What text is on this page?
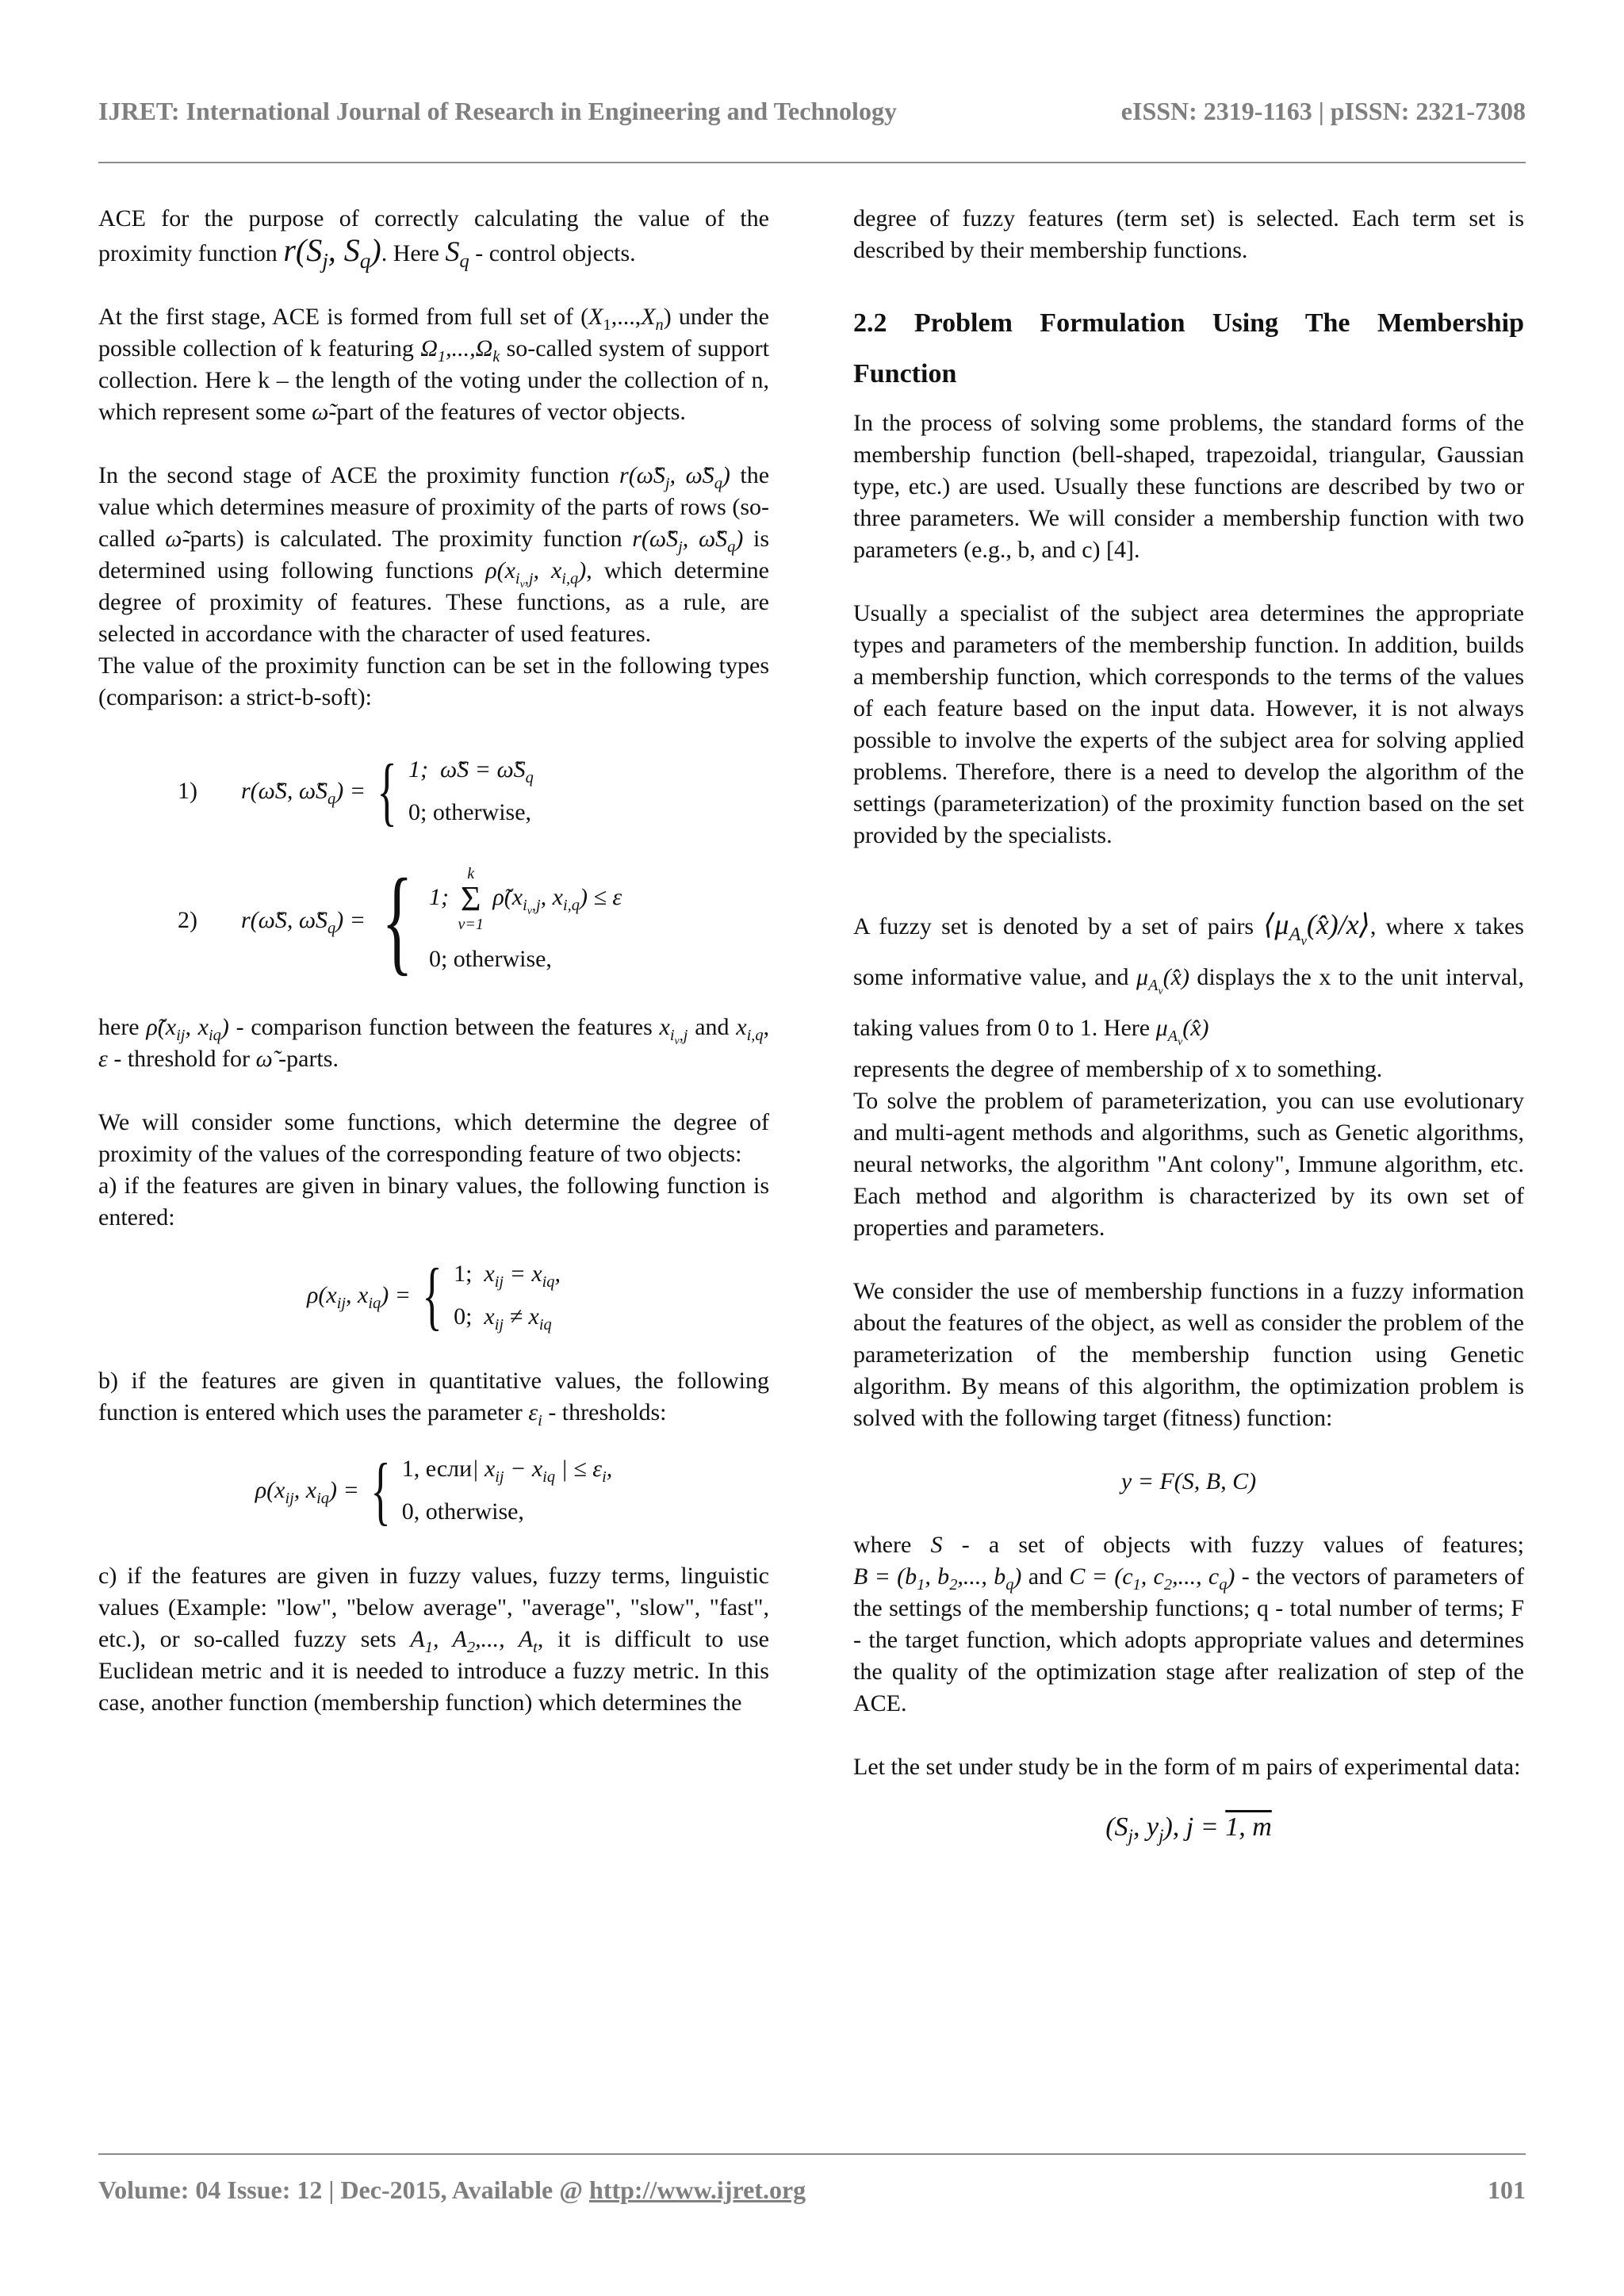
IJRET: International Journal of Research in Engineering and Technology	eISSN: 2319-1163 | pISSN: 2321-7308

ACE for the purpose of correctly calculating the value of the proximity function $r(S_j$, $S_q$). Here $S_q$ - control objects.

At the first stage, ACE is formed from full set of $(X_1,...,X_n)$ under the possible collection of k featuring $\Omega_1,...,\Omega_k$ so-called system of support collection. Here k – the length of the voting under the collection of n, which represent some ω̃-part of the features of vector objects.

In the second stage of ACE the proximity function $r(\omegãS_j$, $\omegãS_q$) the value which determines measure of proximity of the parts of rows (so-called ω̃-parts) is calculated. The proximity function $r(\omegãS_j$, $\omegãS_q$) is determined using following functions $\rho(x_{i_v,j}$, $x_{i,q}$), which determine degree of proximity of features. These functions, as a rule, are selected in accordance with the character of used features.

The value of the proximity function can be set in the following types (comparison: a strict-b-soft):

1)	r(ω̃S, $\omegãS_q$) = { 1;  ω̃S = $\omegãS_q$
0; otherwise,
2)	r(ω̃S, $\omegãS_q$) = { 1;
k
Σ
v=1
$\rhõ(x_{i_v,j}$, $x_{i,q}) \le \varepsilon$
0; otherwise,

here $\rhõ(x_{ij}$, $x_{iq}$) - comparison function between the features $x_{i_v,j}$ and $x_{i,q}$, ε - threshold for ω̃ -parts.

We will consider some functions, which determine the degree of proximity of the values of the corresponding feature of two objects:

a) if the features are given in binary values, the following function is entered:

$\rho(x_{ij}$, $x_{iq}$) = { 1;  $x_{ij} = x_{iq}$,
0;  $x_{ij} \ne x_{iq}$

b) if the features are given in quantitative values, the following function is entered which uses the parameter $\varepsilon_i$ - thresholds:

$\rho(x_{ij}$, $x_{iq}$) = { 1, если| $x_{ij} - x_{iq}$ | ≤ $\varepsilon_i$,
0, otherwise,

c) if the features are given in fuzzy values, fuzzy terms, linguistic values (Example: "low", "below average", "average", "slow", "fast", etc.), or so-called fuzzy sets $A_1$, $A_2$,..., $A_t$, it is difficult to use Euclidean metric and it is needed to introduce a fuzzy metric. In this case, another function (membership function) which determines the

degree of fuzzy features (term set) is selected. Each term set is described by their membership functions.

2.2 Problem Formulation Using The Membership Function

In the process of solving some problems, the standard forms of the membership function (bell-shaped, trapezoidal, triangular, Gaussian type, etc.) are used. Usually these functions are described by two or three parameters. We will consider a membership function with two parameters (e.g., b, and c) [4].

Usually a specialist of the subject area determines the appropriate types and parameters of the membership function. In addition, builds a membership function, which corresponds to the terms of the values of each feature based on the input data. However, it is not always possible to involve the experts of the subject area for solving applied problems. Therefore, there is a need to develop the algorithm of the settings (parameterization) of the proximity function based on the set provided by the specialists.

A fuzzy set is denoted by a set of pairs $⟨\mu_{A_v}(x̂)/x⟩$, where x takes some informative value, and $\mu_{A_v}(x̂)$ displays the x to the unit interval, taking values from 0 to 1. Here $\mu_{A_v}(x̂)$

represents the degree of membership of x to something.

To solve the problem of parameterization, you can use evolutionary and multi-agent methods and algorithms, such as Genetic algorithms, neural networks, the algorithm "Ant colony", Immune algorithm, etc. Each method and algorithm is characterized by its own set of properties and parameters.

We consider the use of membership functions in a fuzzy information about the features of the object, as well as consider the problem of the parameterization of the membership function using Genetic algorithm. By means of this algorithm, the optimization problem is solved with the following target (fitness) function:

y = F(S, B, C)

where S - a set of objects with fuzzy values of features; $B = (b_1$, $b_2$,..., $b_q$) and $C = (c_1$, $c_2$,..., $c_q$) - the vectors of parameters of the settings of the membership functions; q - total number of terms; F - the target function, which adopts appropriate values and determines the quality of the optimization stage after realization of step of the ACE.

Let the set under study be in the form of m pairs of experimental data:

($S_j$, $y_j$), j = 1, m
Volume: 04 Issue: 12 | Dec-2015, Available @ http://www.ijret.org	101
